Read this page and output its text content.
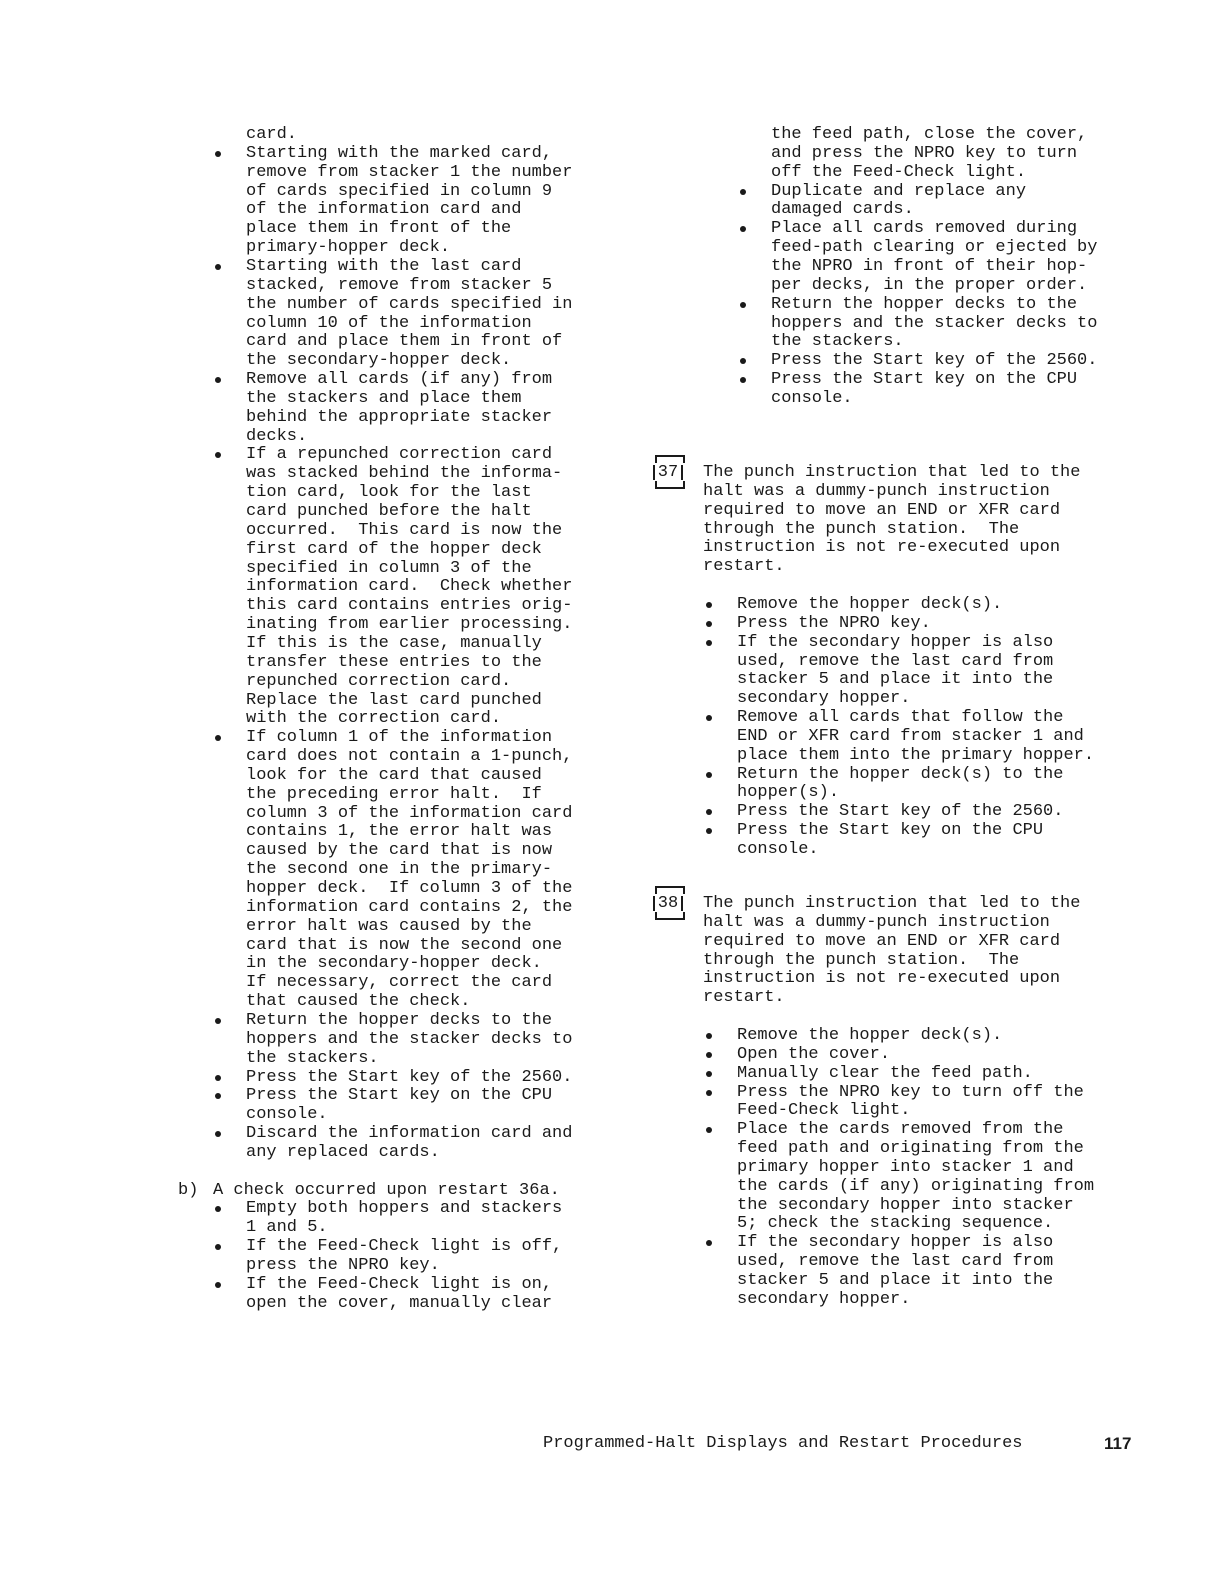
card.
Starting with the marked card,
remove from stacker 1 the number
of cards specified in column 9
of the information card and
place them in front of the
primary-hopper deck.
Starting with the last card
stacked, remove from stacker 5
the number of cards specified in
column 10 of the information
card and place them in front of
the secondary-hopper deck.
Remove all cards (if any) from
the stackers and place them
behind the appropriate stacker
decks.
If a repunched correction card
was stacked behind the informa-
tion card, look for the last
card punched before the halt
occurred.  This card is now the
first card of the hopper deck
specified in column 3 of the
information card.  Check whether
this card contains entries orig-
inating from earlier processing.
If this is the case, manually
transfer these entries to the
repunched correction card.
Replace the last card punched
with the correction card.
If column 1 of the information
card does not contain a 1-punch,
look for the card that caused
the preceding error halt.  If
column 3 of the information card
contains 1, the error halt was
caused by the card that is now
the second one in the primary-
hopper deck.  If column 3 of the
information card contains 2, the
error halt was caused by the
card that is now the second one
in the secondary-hopper deck.
If necessary, correct the card
that caused the check.
Return the hopper decks to the
hoppers and the stacker decks to
the stackers.
Press the Start key of the 2560.
Press the Start key on the CPU
console.
Discard the information card and
any replaced cards.
b) A check occurred upon restart 36a.
Empty both hoppers and stackers
1 and 5.
If the Feed-Check light is off,
press the NPRO key.
If the Feed-Check light is on,
open the cover, manually clear
the feed path, close the cover,
and press the NPRO key to turn
off the Feed-Check light.
Duplicate and replace any
damaged cards.
Place all cards removed during
feed-path clearing or ejected by
the NPRO in front of their hop-
per decks, in the proper order.
Return the hopper decks to the
hoppers and the stacker decks to
the stackers.
Press the Start key of the 2560.
Press the Start key on the CPU
console.
37	The punch instruction that led to the
halt was a dummy-punch instruction
required to move an END or XFR card
through the punch station.  The
instruction is not re-executed upon
restart.
Remove the hopper deck(s).
Press the NPRO key.
If the secondary hopper is also
used, remove the last card from
stacker 5 and place it into the
secondary hopper.
Remove all cards that follow the
END or XFR card from stacker 1 and
place them into the primary hopper.
Return the hopper deck(s) to the
hopper(s).
Press the Start key of the 2560.
Press the Start key on the CPU
console.
38	The punch instruction that led to the
halt was a dummy-punch instruction
required to move an END or XFR card
through the punch station.  The
instruction is not re-executed upon
restart.
Remove the hopper deck(s).
Open the cover.
Manually clear the feed path.
Press the NPRO key to turn off the
Feed-Check light.
Place the cards removed from the
feed path and originating from the
primary hopper into stacker 1 and
the cards (if any) originating from
the secondary hopper into stacker
5; check the stacking sequence.
If the secondary hopper is also
used, remove the last card from
stacker 5 and place it into the
secondary hopper.
Programmed-Halt Displays and Restart Procedures	117
